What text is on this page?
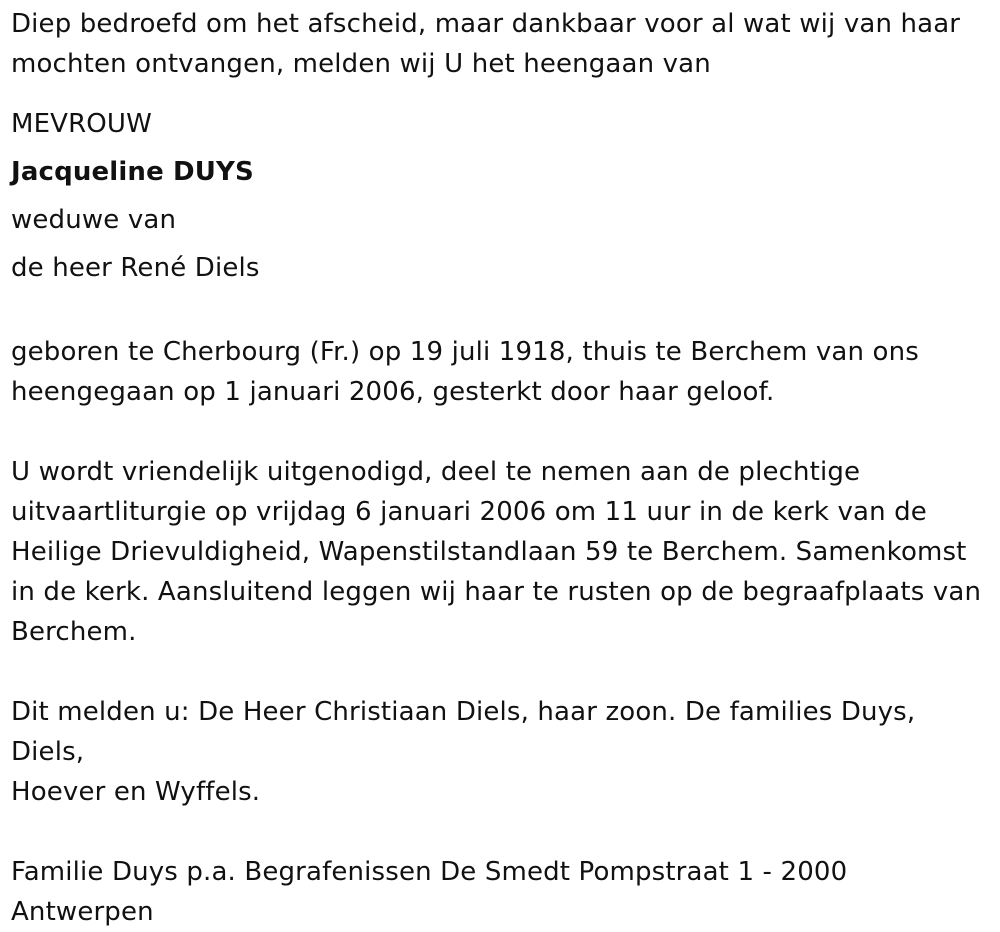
Diep bedroefd om het afscheid, maar dankbaar voor al wat wij van haar
mochten ontvangen, melden wij U het heengaan van
MEVROUW
Jacqueline DUYS
weduwe van
de heer René Diels
geboren te Cherbourg (Fr.) op 19 juli 1918, thuis te Berchem van ons
heengegaan op 1 januari 2006, gesterkt door haar geloof.
U wordt vriendelijk uitgenodigd, deel te nemen aan de plechtige
uitvaartliturgie op vrijdag 6 januari 2006 om 11 uur in de kerk van de
Heilige Drievuldigheid, Wapenstilstandlaan 59 te Berchem. Samenkomst
in de kerk. Aansluitend leggen wij haar te rusten op de begraafplaats van
Berchem.
Dit melden u: De Heer Christiaan Diels, haar zoon. De families Duys, Diels,
Hoever en Wyffels.
Familie Duys p.a. Begrafenissen De Smedt Pompstraat 1 - 2000
Antwerpen
